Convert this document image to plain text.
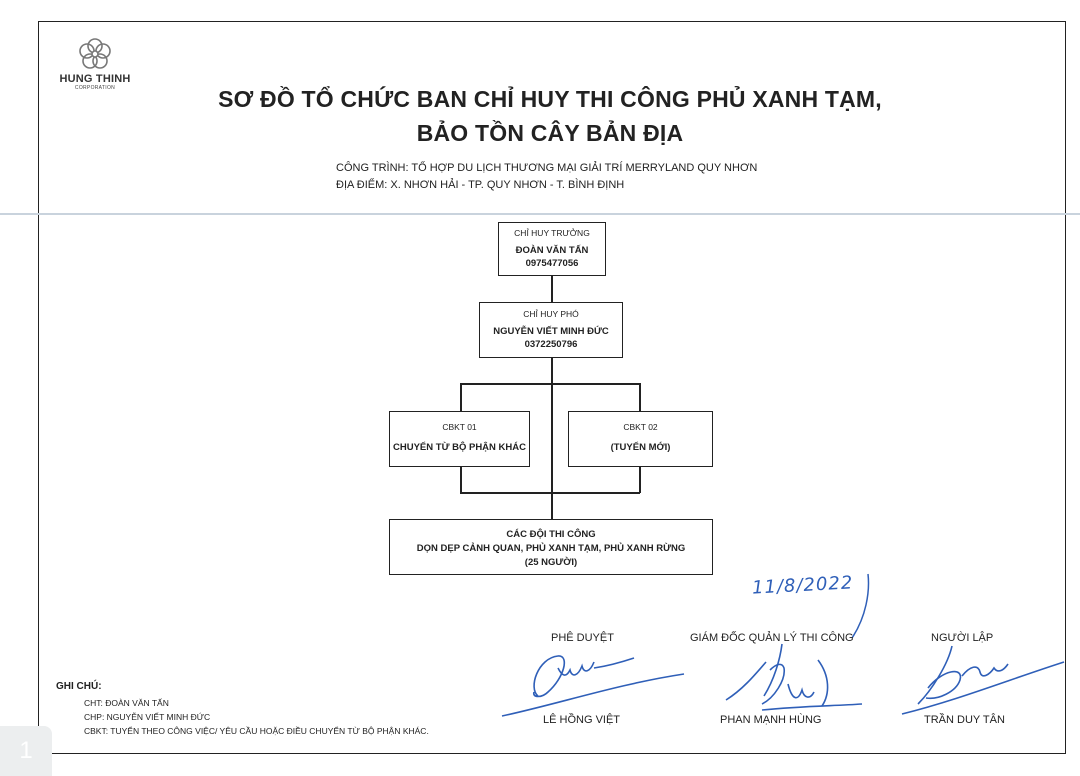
HUNG THINH
CORPORATION	SƠ ĐỒ TỔ CHỨC BAN CHỈ HUY THI CÔNG PHỦ XANH TẠM,
BẢO TỒN CÂY BẢN ĐỊA
CÔNG TRÌNH: TỔ HỢP DU LỊCH THƯƠNG MẠI GIẢI TRÍ MERRYLAND QUY NHƠN
ĐỊA ĐIỂM: X. NHƠN HẢI - TP. QUY NHƠN - T. BÌNH ĐỊNH
CHỈ HUY TRƯỞNG
ĐOÀN VĂN TẤN
0975477056
CHỈ HUY PHÓ
NGUYỄN VIẾT MINH ĐỨC
0372250796
CBKT 01
CHUYỂN TỪ BỘ PHẬN KHÁC
CBKT 02
(TUYỂN MỚI)
CÁC ĐỘI THI CÔNG
DỌN DẸP CẢNH QUAN, PHỦ XANH TẠM, PHỦ XANH RỪNG
(25 NGƯỜI)
11/8/2022
PHÊ DUYỆT	GIÁM ĐỐC QUẢN LÝ THI CÔNG	NGƯỜI LẬP
LÊ HỒNG VIỆT	PHAN MẠNH HÙNG	TRẦN DUY TÂN
GHI CHÚ:
CHT: ĐOÀN VĂN TẤN
CHP: NGUYỄN VIẾT MINH ĐỨC
CBKT: TUYỂN THEO CÔNG VIỆC/ YÊU CẦU HOẶC ĐIỀU CHUYỂN TỪ BỘ PHẬN KHÁC.
1
